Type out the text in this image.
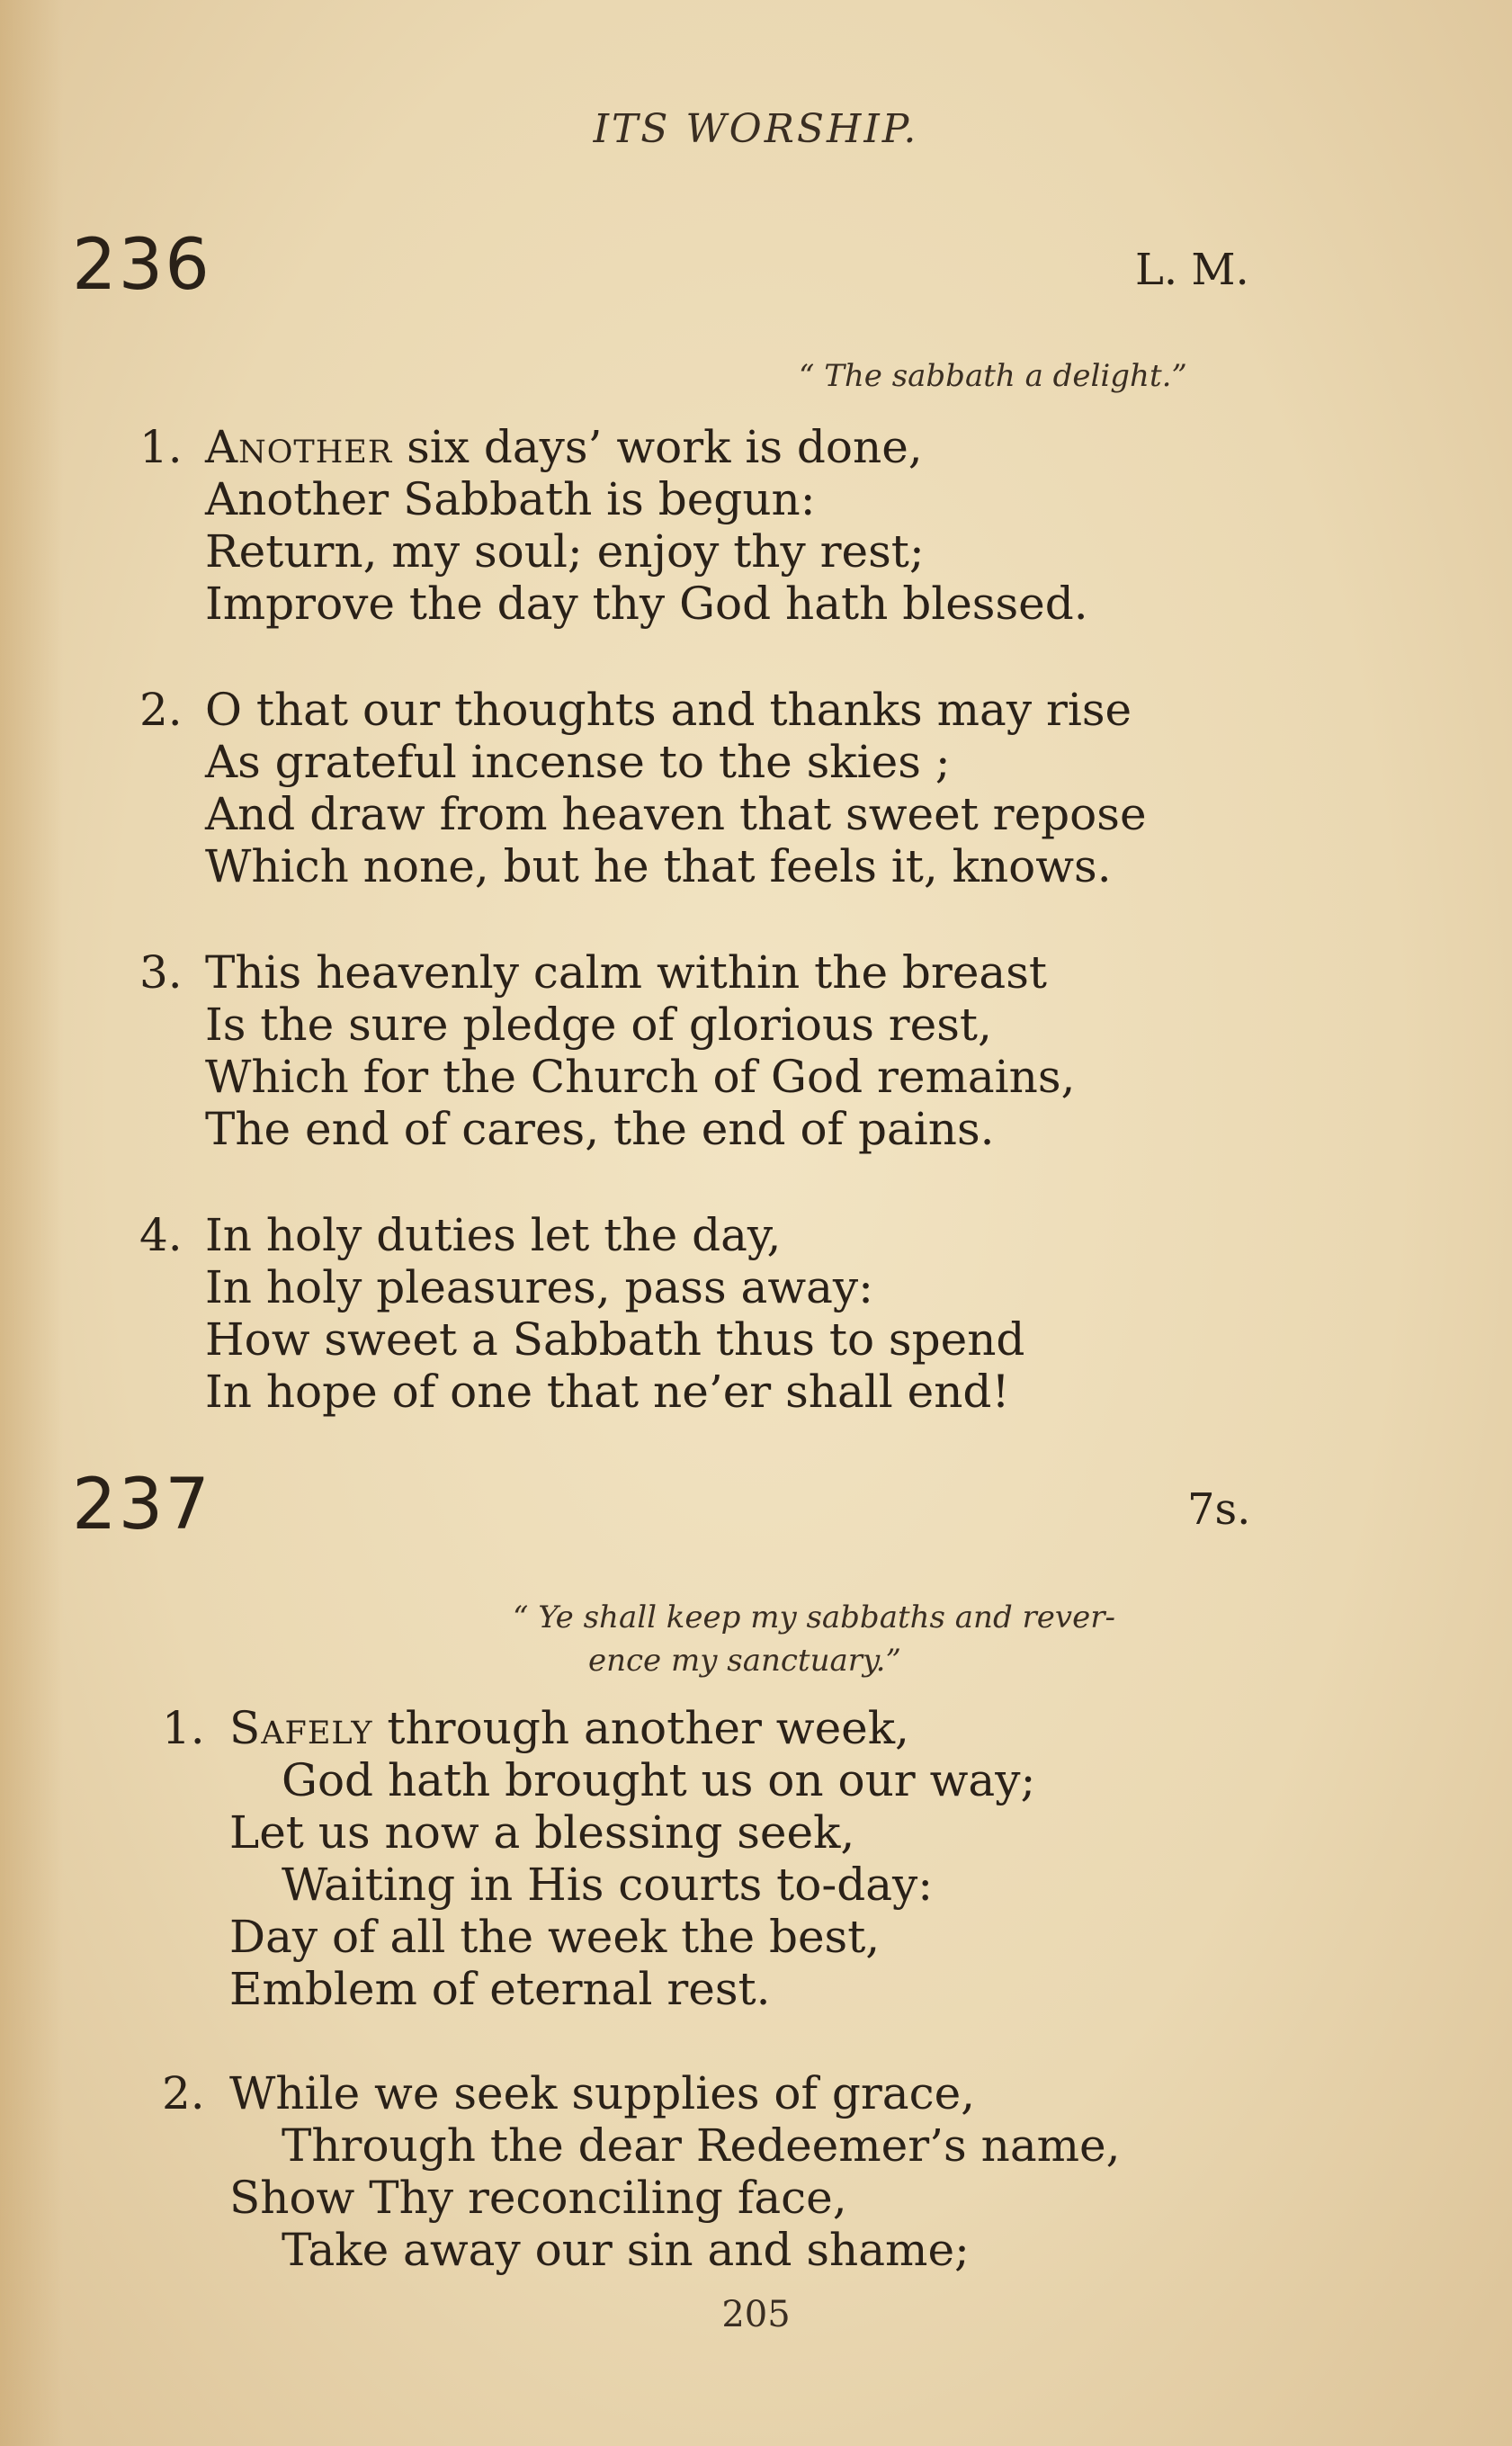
ITS WORSHIP.
236	L. M.
“ The sabbath a delight.”
1. Another six days’ work is done,
Another Sabbath is begun:
Return, my soul; enjoy thy rest;
Improve the day thy God hath blessed.
2. O that our thoughts and thanks may rise
As grateful incense to the skies ;
And draw from heaven that sweet repose
Which none, but he that feels it, knows.
3. This heavenly calm within the breast
Is the sure pledge of glorious rest,
Which for the Church of God remains,
The end of cares, the end of pains.
4. In holy duties let the day,
In holy pleasures, pass away:
How sweet a Sabbath thus to spend
In hope of one that ne’er shall end!
237	7s.
“ Ye shall keep my sabbaths and rever-
ence my sanctuary.”
1. Safely through another week,
God hath brought us on our way;
Let us now a blessing seek,
Waiting in His courts to-day:
Day of all the week the best,
Emblem of eternal rest.
2. While we seek supplies of grace,
Through the dear Redeemer’s name,
Show Thy reconciling face,
Take away our sin and shame;
205
